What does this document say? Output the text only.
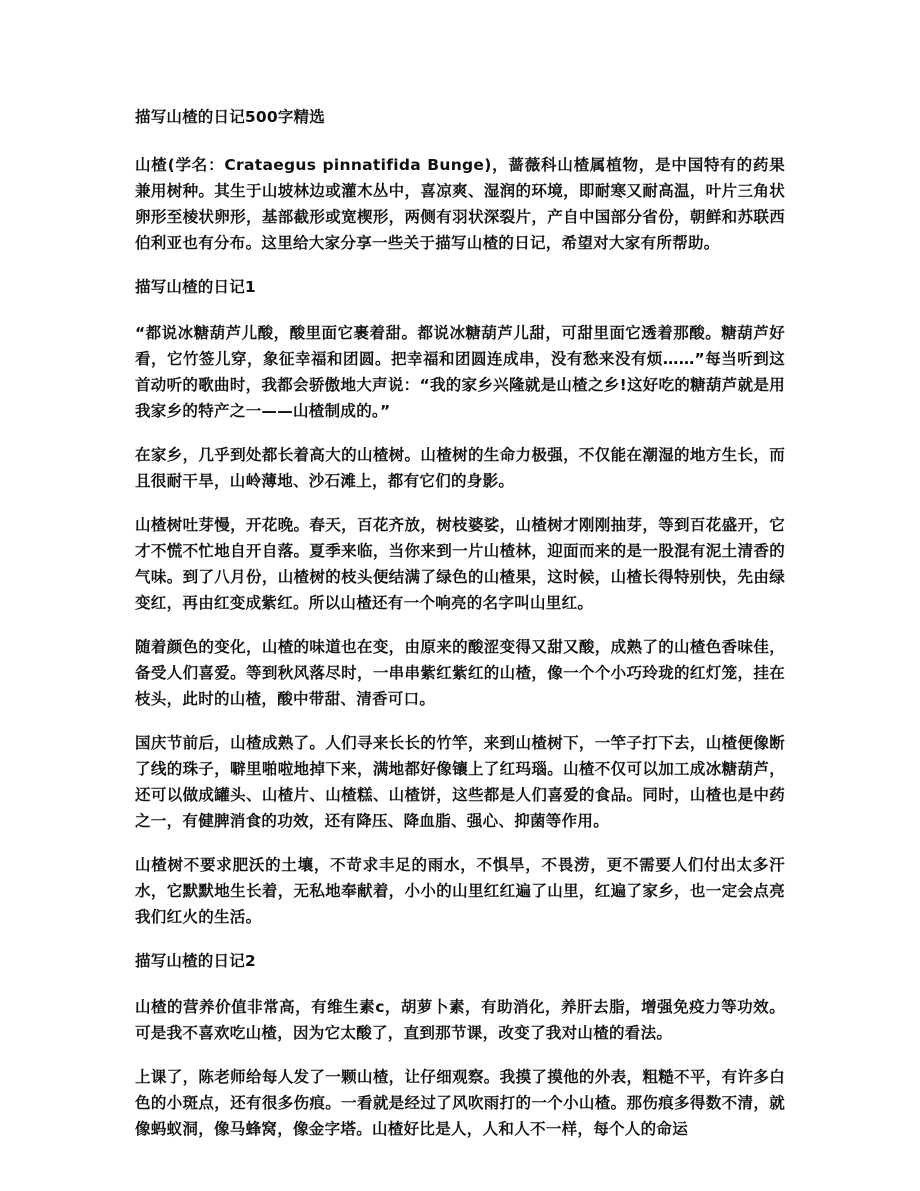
描写山楂的日记500字精选

山楂(学名：Crataegus pinnatifida Bunge)，蔷薇科山楂属植物，是中国特有的药果兼用树种。其生于山坡林边或灌木丛中，喜凉爽、湿润的环境，即耐寒又耐高温，叶片三角状卵形至棱状卵形，基部截形或宽楔形，两侧有羽状深裂片，产自中国部分省份，朝鲜和苏联西伯利亚也有分布。这里给大家分享一些关于描写山楂的日记，希望对大家有所帮助。

描写山楂的日记1

“都说冰糖葫芦儿酸，酸里面它裹着甜。都说冰糖葫芦儿甜，可甜里面它透着那酸。糖葫芦好看，它竹签儿穿，象征幸福和团圆。把幸福和团圆连成串，没有愁来没有烦……”每当听到这首动听的歌曲时，我都会骄傲地大声说：“我的家乡兴隆就是山楂之乡!这好吃的糖葫芦就是用我家乡的特产之一——山楂制成的。”

在家乡，几乎到处都长着高大的山楂树。山楂树的生命力极强，不仅能在潮湿的地方生长，而且很耐干旱，山岭薄地、沙石滩上，都有它们的身影。

山楂树吐芽慢，开花晚。春天，百花齐放，树枝婆娑，山楂树才刚刚抽芽，等到百花盛开，它才不慌不忙地自开自落。夏季来临，当你来到一片山楂林，迎面而来的是一股混有泥土清香的气味。到了八月份，山楂树的枝头便结满了绿色的山楂果，这时候，山楂长得特别快，先由绿变红，再由红变成紫红。所以山楂还有一个响亮的名字叫山里红。

随着颜色的变化，山楂的味道也在变，由原来的酸涩变得又甜又酸，成熟了的山楂色香味佳，备受人们喜爱。等到秋风落尽时，一串串紫红紫红的山楂，像一个个小巧玲珑的红灯笼，挂在枝头，此时的山楂，酸中带甜、清香可口。

国庆节前后，山楂成熟了。人们寻来长长的竹竿，来到山楂树下，一竿子打下去，山楂便像断了线的珠子，噼里啪啦地掉下来，满地都好像镶上了红玛瑙。山楂不仅可以加工成冰糖葫芦，还可以做成罐头、山楂片、山楂糕、山楂饼，这些都是人们喜爱的食品。同时，山楂也是中药之一，有健脾消食的功效，还有降压、降血脂、强心、抑菌等作用。

山楂树不要求肥沃的土壤，不苛求丰足的雨水，不惧旱，不畏涝，更不需要人们付出太多汗水，它默默地生长着，无私地奉献着，小小的山里红红遍了山里，红遍了家乡，也一定会点亮我们红火的生活。

描写山楂的日记2

山楂的营养价值非常高，有维生素c，胡萝卜素，有助消化，养肝去脂，增强免疫力等功效。可是我不喜欢吃山楂，因为它太酸了，直到那节课，改变了我对山楂的看法。

上课了，陈老师给每人发了一颗山楂，让仔细观察。我摸了摸他的外表，粗糙不平，有许多白色的小斑点，还有很多伤痕。一看就是经过了风吹雨打的一个小山楂。那伤痕多得数不清，就像蚂蚁洞，像马蜂窝，像金字塔。山楂好比是人，人和人不一样，每个人的命运
